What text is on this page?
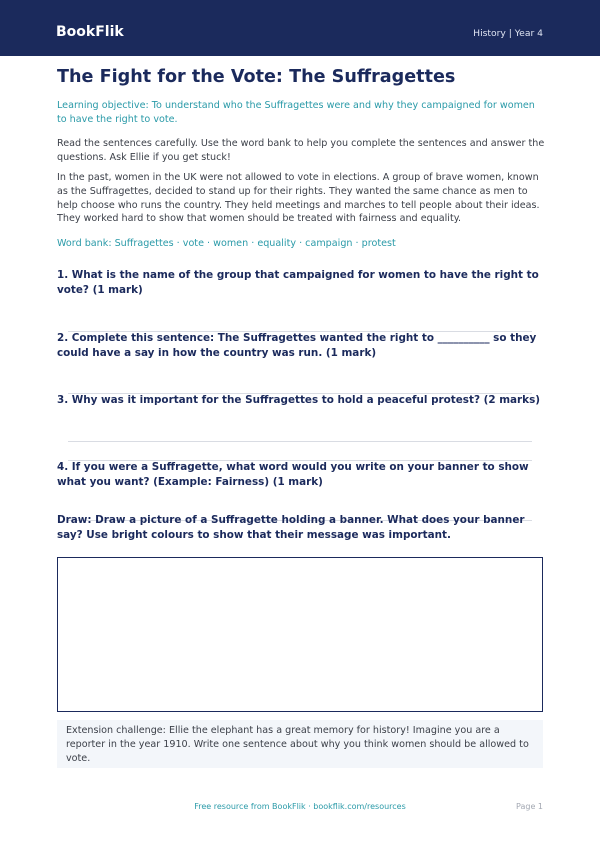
BookFlik	History | Year 4
The Fight for the Vote: The Suffragettes
Learning objective: To understand who the Suffragettes were and why they campaigned for women to have the right to vote.
Read the sentences carefully. Use the word bank to help you complete the sentences and answer the questions. Ask Ellie if you get stuck!
In the past, women in the UK were not allowed to vote in elections. A group of brave women, known as the Suffragettes, decided to stand up for their rights. They wanted the same chance as men to help choose who runs the country. They held meetings and marches to tell people about their ideas. They worked hard to show that women should be treated with fairness and equality.
Word bank: Suffragettes · vote · women · equality · campaign · protest
1. What is the name of the group that campaigned for women to have the right to vote? (1 mark)
2. Complete this sentence: The Suffragettes wanted the right to __________ so they could have a say in how the country was run. (1 mark)
3. Why was it important for the Suffragettes to hold a peaceful protest? (2 marks)
4. If you were a Suffragette, what word would you write on your banner to show what you want? (Example: Fairness) (1 mark)
Draw: Draw a picture of a Suffragette holding a banner. What does your banner say? Use bright colours to show that their message was important.
Extension challenge: Ellie the elephant has a great memory for history! Imagine you are a reporter in the year 1910. Write one sentence about why you think women should be allowed to vote.
Free resource from BookFlik · bookflik.com/resources	Page 1
